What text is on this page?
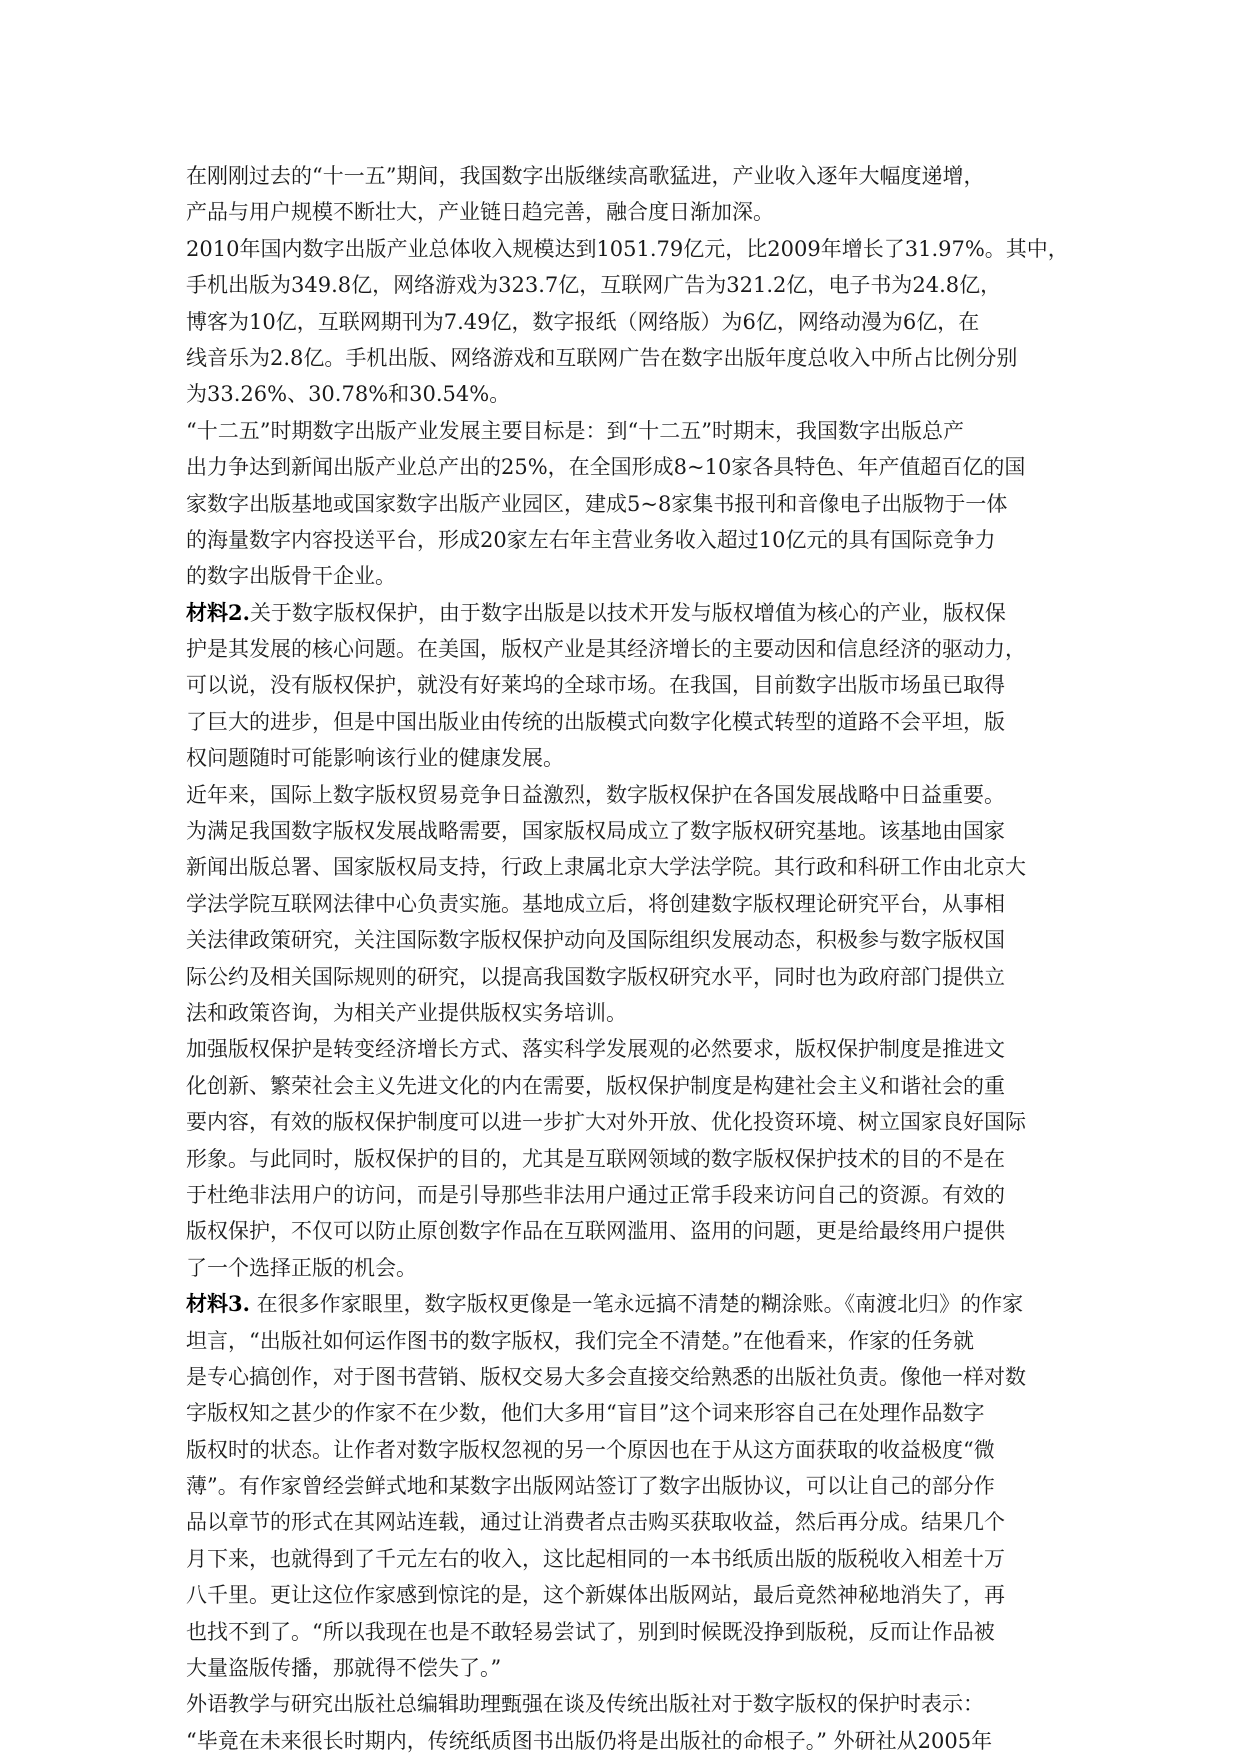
在刚刚过去的“十一五”期间，我国数字出版继续高歌猛进，产业收入逐年大幅度递增，
产品与用户规模不断壮大，产业链日趋完善，融合度日渐加深。
2010年国内数字出版产业总体收入规模达到1051.79亿元，比2009年增长了31.97%。其中，
手机出版为349.8亿，网络游戏为323.7亿，互联网广告为321.2亿，电子书为24.8亿，
博客为10亿，互联网期刊为7.49亿，数字报纸（网络版）为6亿，网络动漫为6亿，在
线音乐为2.8亿。手机出版、网络游戏和互联网广告在数字出版年度总收入中所占比例分别
为33.26%、30.78%和30.54%。
“十二五”时期数字出版产业发展主要目标是：到“十二五”时期末，我国数字出版总产
出力争达到新闻出版产业总产出的25%，在全国形成8~10家各具特色、年产值超百亿的国
家数字出版基地或国家数字出版产业园区，建成5~8家集书报刊和音像电子出版物于一体
的海量数字内容投送平台，形成20家左右年主营业务收入超过10亿元的具有国际竞争力
的数字出版骨干企业。
材料2.关于数字版权保护，由于数字出版是以技术开发与版权增值为核心的产业，版权保
护是其发展的核心问题。在美国，版权产业是其经济增长的主要动因和信息经济的驱动力，
可以说，没有版权保护，就没有好莱坞的全球市场。在我国，目前数字出版市场虽已取得
了巨大的进步，但是中国出版业由传统的出版模式向数字化模式转型的道路不会平坦，版
权问题随时可能影响该行业的健康发展。
近年来，国际上数字版权贸易竞争日益激烈，数字版权保护在各国发展战略中日益重要。
为满足我国数字版权发展战略需要，国家版权局成立了数字版权研究基地。该基地由国家
新闻出版总署、国家版权局支持，行政上隶属北京大学法学院。其行政和科研工作由北京大
学法学院互联网法律中心负责实施。基地成立后，将创建数字版权理论研究平台，从事相
关法律政策研究，关注国际数字版权保护动向及国际组织发展动态，积极参与数字版权国
际公约及相关国际规则的研究，以提高我国数字版权研究水平，同时也为政府部门提供立
法和政策咨询，为相关产业提供版权实务培训。
加强版权保护是转变经济增长方式、落实科学发展观的必然要求，版权保护制度是推进文
化创新、繁荣社会主义先进文化的内在需要，版权保护制度是构建社会主义和谐社会的重
要内容，有效的版权保护制度可以进一步扩大对外开放、优化投资环境、树立国家良好国际
形象。与此同时，版权保护的目的，尤其是互联网领域的数字版权保护技术的目的不是在
于杜绝非法用户的访问，而是引导那些非法用户通过正常手段来访问自己的资源。有效的
版权保护，不仅可以防止原创数字作品在互联网滥用、盗用的问题，更是给最终用户提供
了一个选择正版的机会。
材料3. 在很多作家眼里，数字版权更像是一笔永远搞不清楚的糊涂账。《南渡北归》的作家
坦言，“出版社如何运作图书的数字版权，我们完全不清楚。”在他看来，作家的任务就
是专心搞创作，对于图书营销、版权交易大多会直接交给熟悉的出版社负责。像他一样对数
字版权知之甚少的作家不在少数，他们大多用“盲目”这个词来形容自己在处理作品数字
版权时的状态。让作者对数字版权忽视的另一个原因也在于从这方面获取的收益极度“微
薄”。有作家曾经尝鲜式地和某数字出版网站签订了数字出版协议，可以让自己的部分作
品以章节的形式在其网站连载，通过让消费者点击购买获取收益，然后再分成。结果几个
月下来，也就得到了千元左右的收入，这比起相同的一本书纸质出版的版税收入相差十万
八千里。更让这位作家感到惊诧的是，这个新媒体出版网站，最后竟然神秘地消失了，再
也找不到了。“所以我现在也是不敢轻易尝试了，别到时候既没挣到版税，反而让作品被
大量盗版传播，那就得不偿失了。”
外语教学与研究出版社总编辑助理甄强在谈及传统出版社对于数字版权的保护时表示：
“毕竟在未来很长时期内，传统纸质图书出版仍将是出版社的命根子。” 外研社从2005年
